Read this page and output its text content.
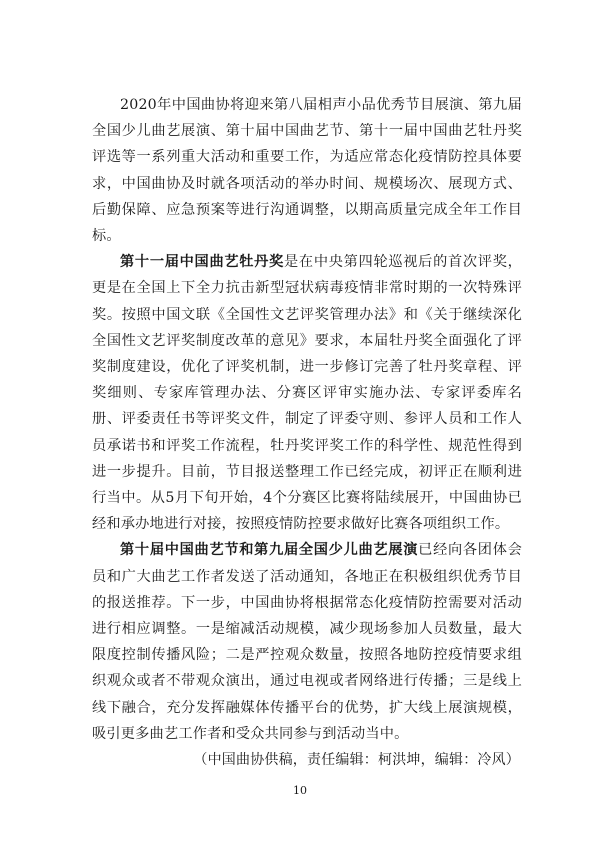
2020年中国曲协将迎来第八届相声小品优秀节目展演、第九届全国少儿曲艺展演、第十届中国曲艺节、第十一届中国曲艺牡丹奖评选等一系列重大活动和重要工作，为适应常态化疫情防控具体要求，中国曲协及时就各项活动的举办时间、规模场次、展现方式、后勤保障、应急预案等进行沟通调整，以期高质量完成全年工作目标。

第十一届中国曲艺牡丹奖是在中央第四轮巡视后的首次评奖，更是在全国上下全力抗击新型冠状病毒疫情非常时期的一次特殊评奖。按照中国文联《全国性文艺评奖管理办法》和《关于继续深化全国性文艺评奖制度改革的意见》要求，本届牡丹奖全面强化了评奖制度建设，优化了评奖机制，进一步修订完善了牡丹奖章程、评奖细则、专家库管理办法、分赛区评审实施办法、专家评委库名册、评委责任书等评奖文件，制定了评委守则、参评人员和工作人员承诺书和评奖工作流程，牡丹奖评奖工作的科学性、规范性得到进一步提升。目前，节目报送整理工作已经完成，初评正在顺利进行当中。从5月下旬开始，4个分赛区比赛将陆续展开，中国曲协已经和承办地进行对接，按照疫情防控要求做好比赛各项组织工作。

第十届中国曲艺节和第九届全国少儿曲艺展演已经向各团体会员和广大曲艺工作者发送了活动通知，各地正在积极组织优秀节目的报送推荐。下一步，中国曲协将根据常态化疫情防控需要对活动进行相应调整。一是缩减活动规模，减少现场参加人员数量，最大限度控制传播风险；二是严控观众数量，按照各地防控疫情要求组织观众或者不带观众演出，通过电视或者网络进行传播；三是线上线下融合，充分发挥融媒体传播平台的优势，扩大线上展演规模，吸引更多曲艺工作者和受众共同参与到活动当中。

（中国曲协供稿，责任编辑：柯洪坤，编辑：冷风）

10
